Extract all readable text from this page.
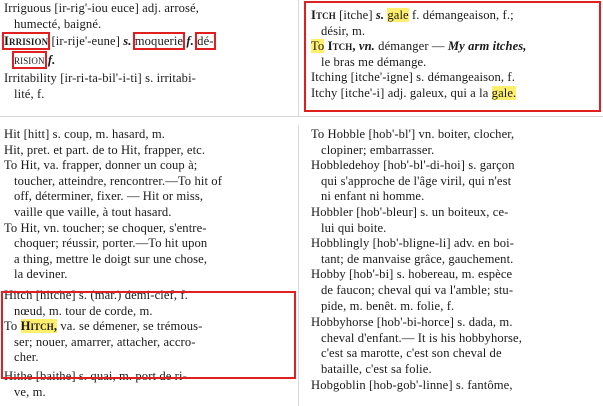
Irriguous [ir-rig'-iou euce] adj. arrosé,
humecté, baigné.

Irrision [ir-rije'-eune] s. moquerie f. dé-
rision f.

Irritability [ir-ri-ta-bil'-i-ti] s. irritabi-
lité, f.

Itch [itche] s. gale f. démangeaison, f.;
désir, m.

To Itch, vn. démanger — My arm itches,
le bras me démange.

Itching [itche'-igne] s. démangeaison, f.

Itchy [itche'-i] adj. galeux, qui a la gale.

Hit [hitt] s. coup, m. hasard, m.
Hit, pret. et part. de to Hit, frapper, etc.
To Hit, va. frapper, donner un coup à;
toucher, atteindre, rencontrer.—To hit of
off, déterminer, fixer. — Hit or miss,
vaille que vaille, à tout hasard.
To Hit, vn. toucher; se choquer, s'entre-
choquer; réussir, porter.—To hit upon
a thing, mettre le doigt sur une chose,
la deviner.

Hitch [hitche] s. (mar.) demi-clef, f.
nœud, m. tour de corde, m.
To Hitch, va. se démener, se trémous-
ser; nouer, amarrer, attacher, accro-
cher.

Hithe [baithe] s. quai, m. port de ri-
ve, m.

To Hobble [hob'-bl'] vn. boiter, clocher,
clopiner; embarrasser.
Hobbledehoy [hob'-bl'-di-hoi] s. garçon
qui s'approche de l'âge viril, qui n'est
ni enfant ni homme.
Hobbler [hob'-bleur] s. un boiteux, ce-
lui qui boite.
Hobblingly [hob'-bligne-li] adv. en boi-
tant; de manvaise grâce, gauchement.
Hobby [hob'-bi] s. hobereau, m. espèce
de faucon; cheval qui va l'amble; stu-
pide, m. benêt. m. folie, f.

Hobbyhorse [hob'-bi-horce] s. dada, m.
cheval d'enfant.— It is his hobbyhorse,
c'est sa marotte, c'est son cheval de
bataille, c'est sa folie.

Hobgoblin [hob-gob'-linne] s. fantôme,
